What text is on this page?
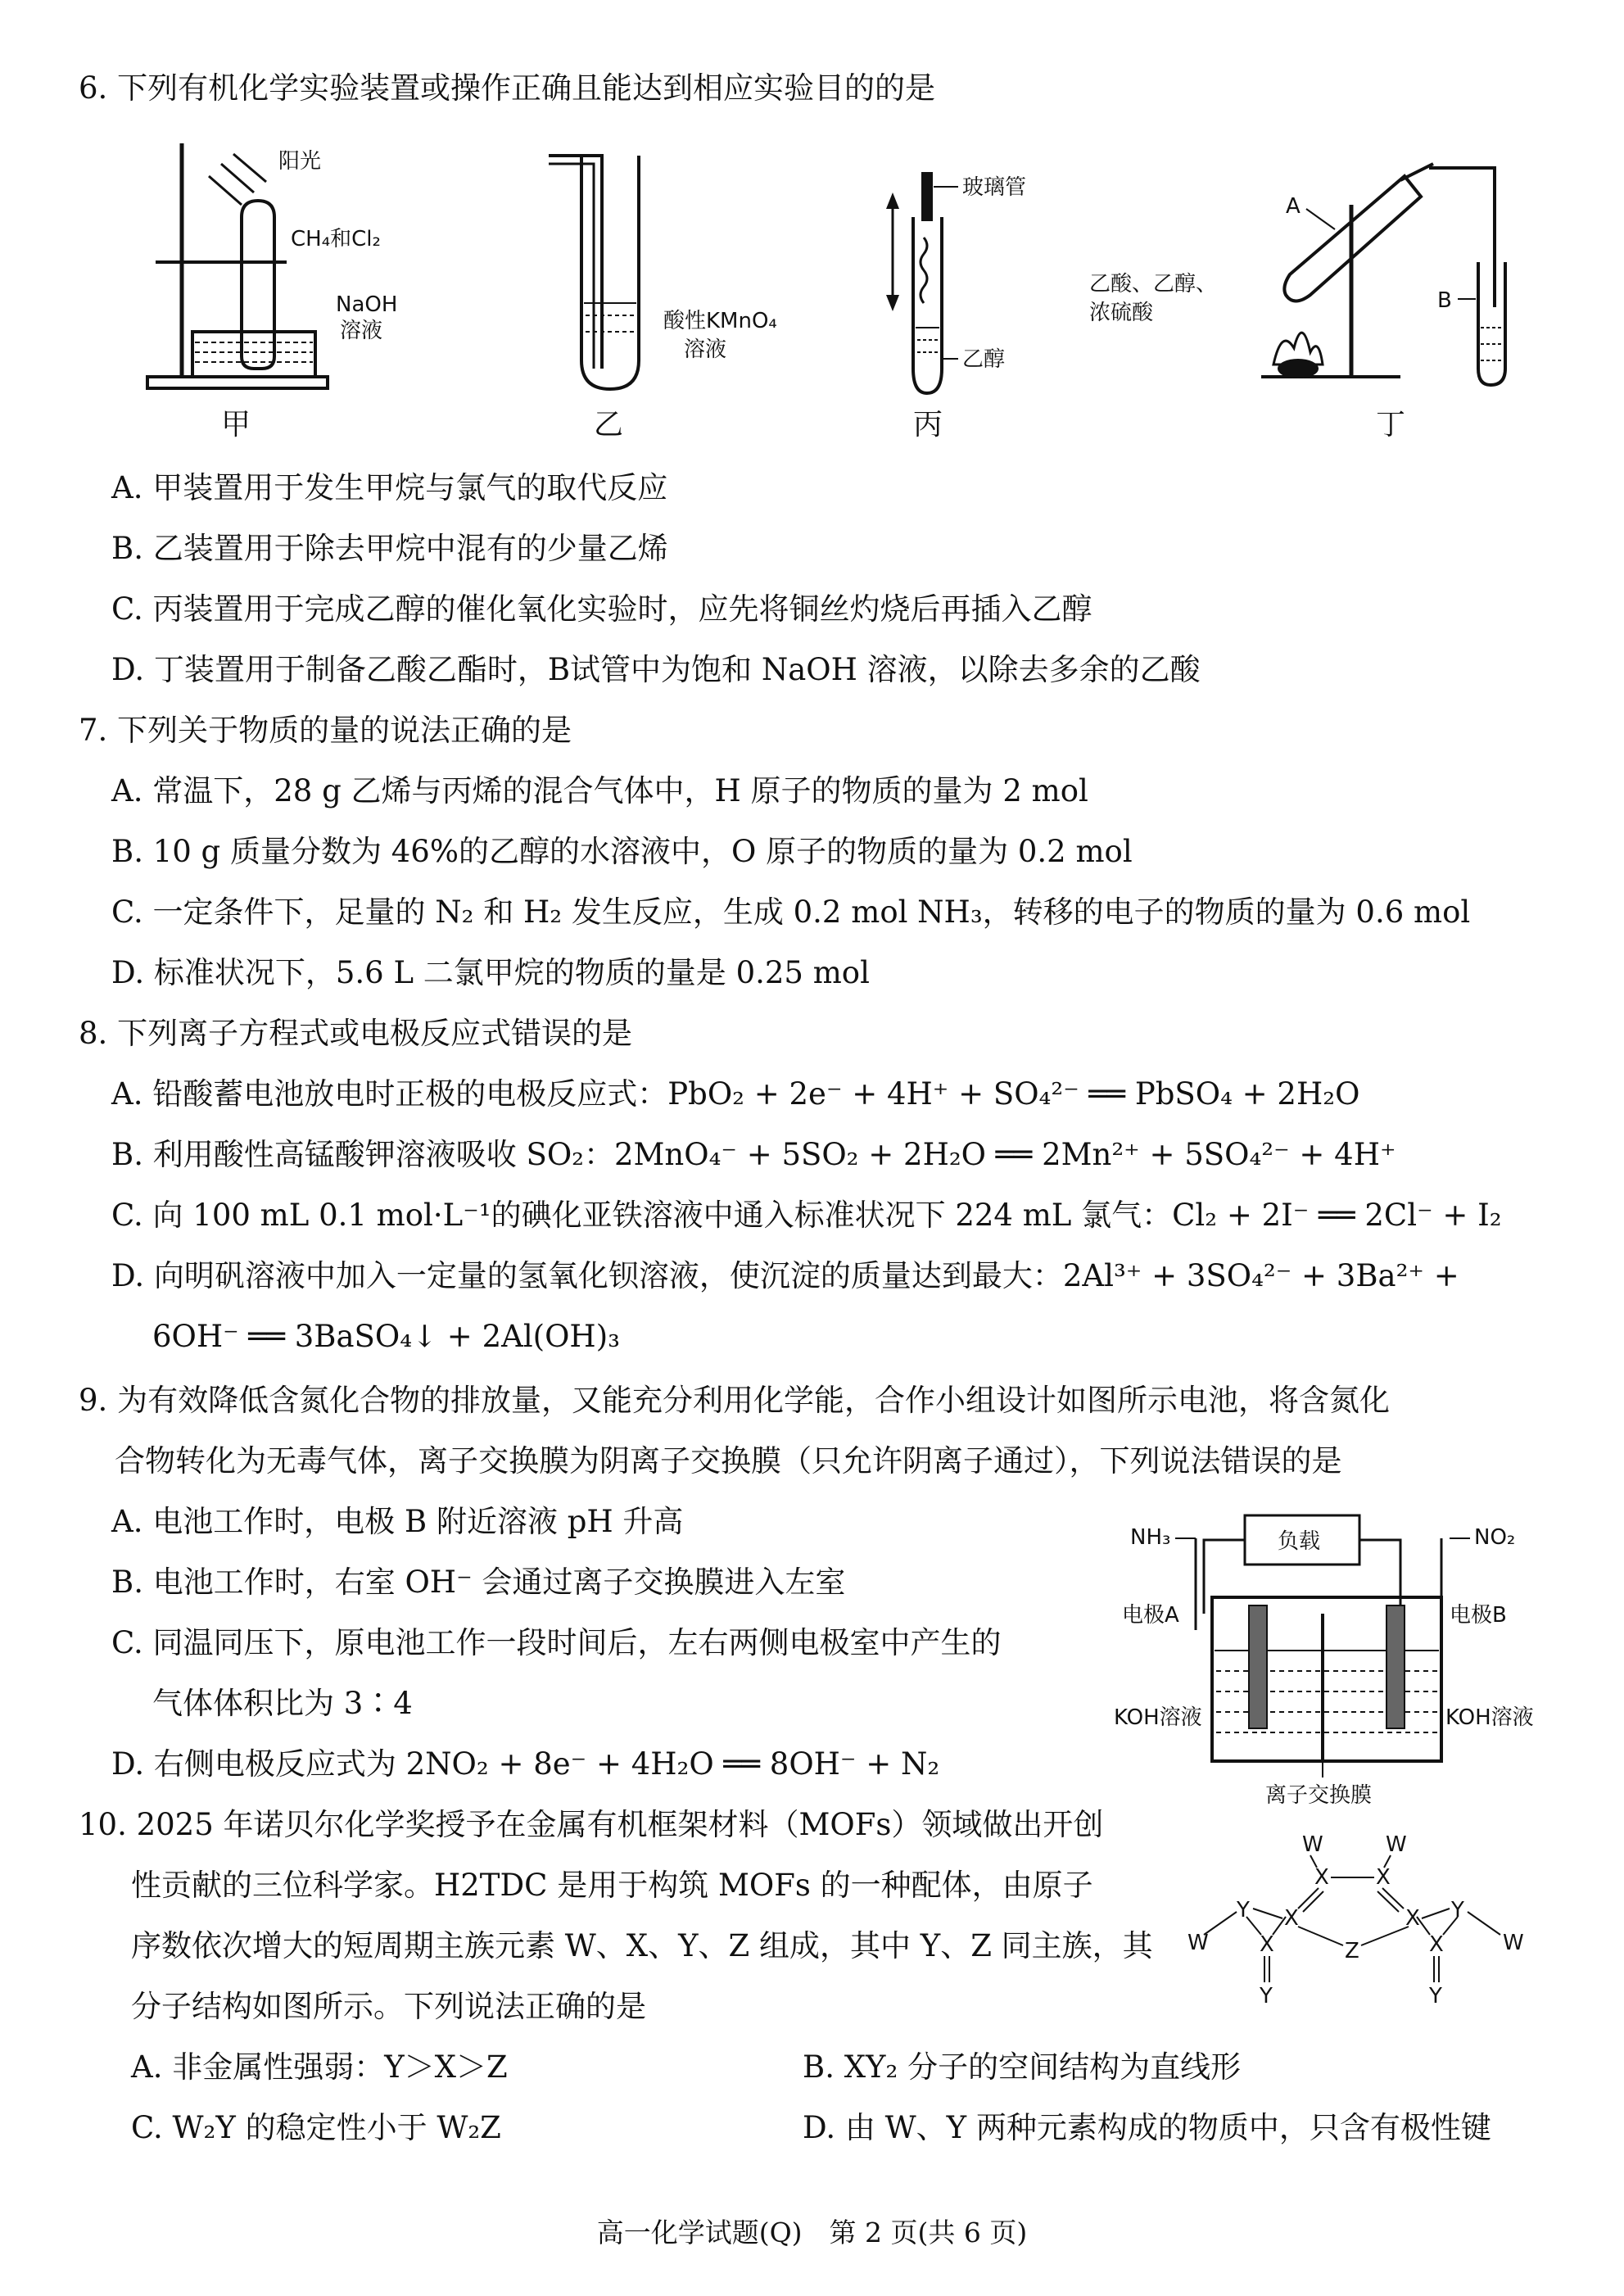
6. 下列有机化学实验装置或操作正确且能达到相应实验目的的是
阳光
CH₄和Cl₂
NaOH
溶液
甲
酸性KMnO₄
溶液
乙
玻璃管
乙醇
丙
A
B
乙酸、乙醇、
浓硫酸
丁
A. 甲装置用于发生甲烷与氯气的取代反应
B. 乙装置用于除去甲烷中混有的少量乙烯
C. 丙装置用于完成乙醇的催化氧化实验时，应先将铜丝灼烧后再插入乙醇
D. 丁装置用于制备乙酸乙酯时，B试管中为饱和 NaOH 溶液，以除去多余的乙酸
7. 下列关于物质的量的说法正确的是
A. 常温下，28 g 乙烯与丙烯的混合气体中，H 原子的物质的量为 2 mol
B. 10 g 质量分数为 46%的乙醇的水溶液中，O 原子的物质的量为 0.2 mol
C. 一定条件下，足量的 N₂ 和 H₂ 发生反应，生成 0.2 mol NH₃，转移的电子的物质的量为 0.6 mol
D. 标准状况下，5.6 L 二氯甲烷的物质的量是 0.25 mol
8. 下列离子方程式或电极反应式错误的是
A. 铅酸蓄电池放电时正极的电极反应式：PbO₂ + 2e⁻ + 4H⁺ + SO₄²⁻ ══ PbSO₄ + 2H₂O
B. 利用酸性高锰酸钾溶液吸收 SO₂：2MnO₄⁻ + 5SO₂ + 2H₂O ══ 2Mn²⁺ + 5SO₄²⁻ + 4H⁺
C. 向 100 mL 0.1 mol·L⁻¹的碘化亚铁溶液中通入标准状况下 224 mL 氯气：Cl₂ + 2I⁻ ══ 2Cl⁻ + I₂
D. 向明矾溶液中加入一定量的氢氧化钡溶液，使沉淀的质量达到最大：2Al³⁺ + 3SO₄²⁻ + 3Ba²⁺ +
6OH⁻ ══ 3BaSO₄↓ + 2Al(OH)₃
9. 为有效降低含氮化合物的排放量，又能充分利用化学能，合作小组设计如图所示电池，将含氮化
合物转化为无毒气体，离子交换膜为阴离子交换膜（只允许阴离子通过），下列说法错误的是
A. 电池工作时，电极 B 附近溶液 pH 升高
B. 电池工作时，右室 OH⁻ 会通过离子交换膜进入左室
C. 同温同压下，原电池工作一段时间后，左右两侧电极室中产生的
气体体积比为 3∶4
D. 右侧电极反应式为 2NO₂ + 8e⁻ + 4H₂O ══ 8OH⁻ + N₂
负载
NH₃	NO₂
电极A	电极B
KOH溶液	KOH溶液
离子交换膜
10. 2025 年诺贝尔化学奖授予在金属有机框架材料（MOFs）领域做出开创
性贡献的三位科学家。H2TDC 是用于构筑 MOFs 的一种配体，由原子
序数依次增大的短周期主族元素 W、X、Y、Z 组成，其中 Y、Z 同主族，其
分子结构如图所示。下列说法正确的是
A. 非金属性强弱：Y＞X＞Z	B. XY₂ 分子的空间结构为直线形
C. W₂Y 的稳定性小于 W₂Z	D. 由 W、Y 两种元素构成的物质中，只含有极性键
W	W
X X
X	X
Z
Y	Y
W	W
X	X
Y	Y
高一化学试题(Q)　第 2 页(共 6 页)
